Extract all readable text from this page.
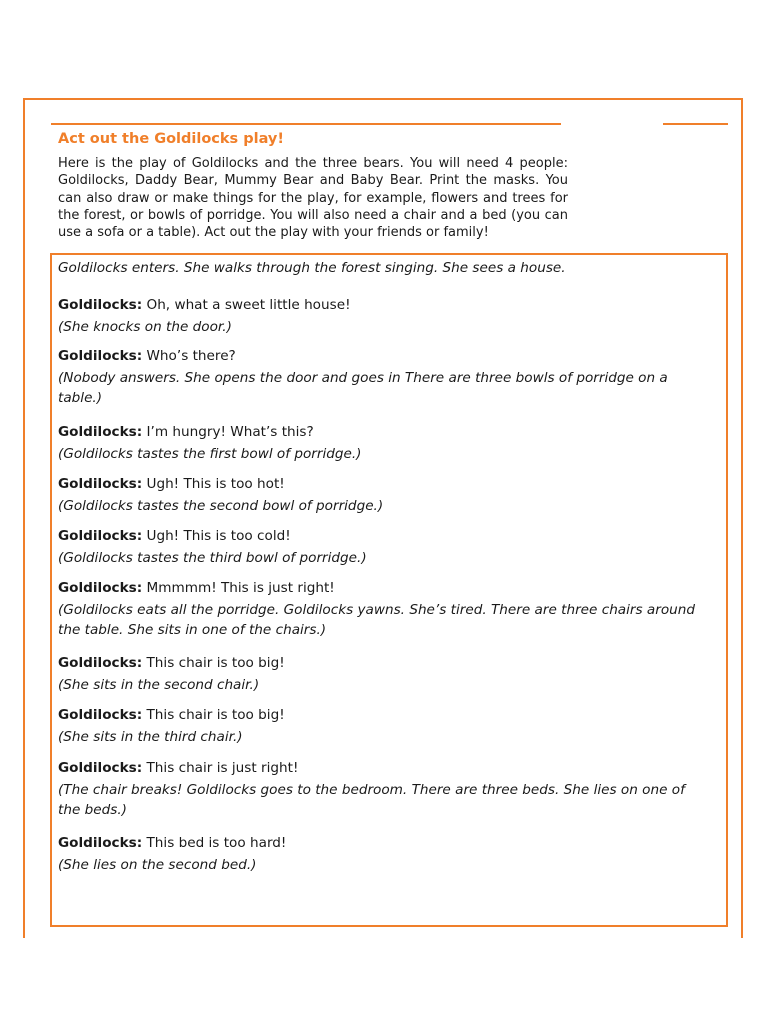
Act out the Goldilocks play!

Here is the play of Goldilocks and the three bears. You will need 4 people: Goldilocks, Daddy Bear, Mummy Bear and Baby Bear. Print the masks. You can also draw or make things for the play, for example, flowers and trees for the forest, or bowls of porridge. You will also need a chair and a bed (you can use a sofa or a table). Act out the play with your friends or family!

Goldilocks enters. She walks through the forest singing. She sees a house.

Goldilocks: Oh, what a sweet little house!

(She knocks on the door.)

Goldilocks: Who’s there?

(Nobody answers. She opens the door and goes in There are three bowls of porridge on a table.)

Goldilocks: I’m hungry! What’s this?

(Goldilocks tastes the first bowl of porridge.)

Goldilocks: Ugh! This is too hot!

(Goldilocks tastes the second bowl of porridge.)

Goldilocks: Ugh! This is too cold!

(Goldilocks tastes the third bowl of porridge.)

Goldilocks: Mmmmm! This is just right!

(Goldilocks eats all the porridge. Goldilocks yawns. She’s tired. There are three chairs around the table. She sits in one of the chairs.)

Goldilocks: This chair is too big!

(She sits in the second chair.)

Goldilocks: This chair is too big!

(She sits in the third chair.)

Goldilocks: This chair is just right!

(The chair breaks! Goldilocks goes to the bedroom. There are three beds. She lies on one of the beds.)

Goldilocks: This bed is too hard!

(She lies on the second bed.)
